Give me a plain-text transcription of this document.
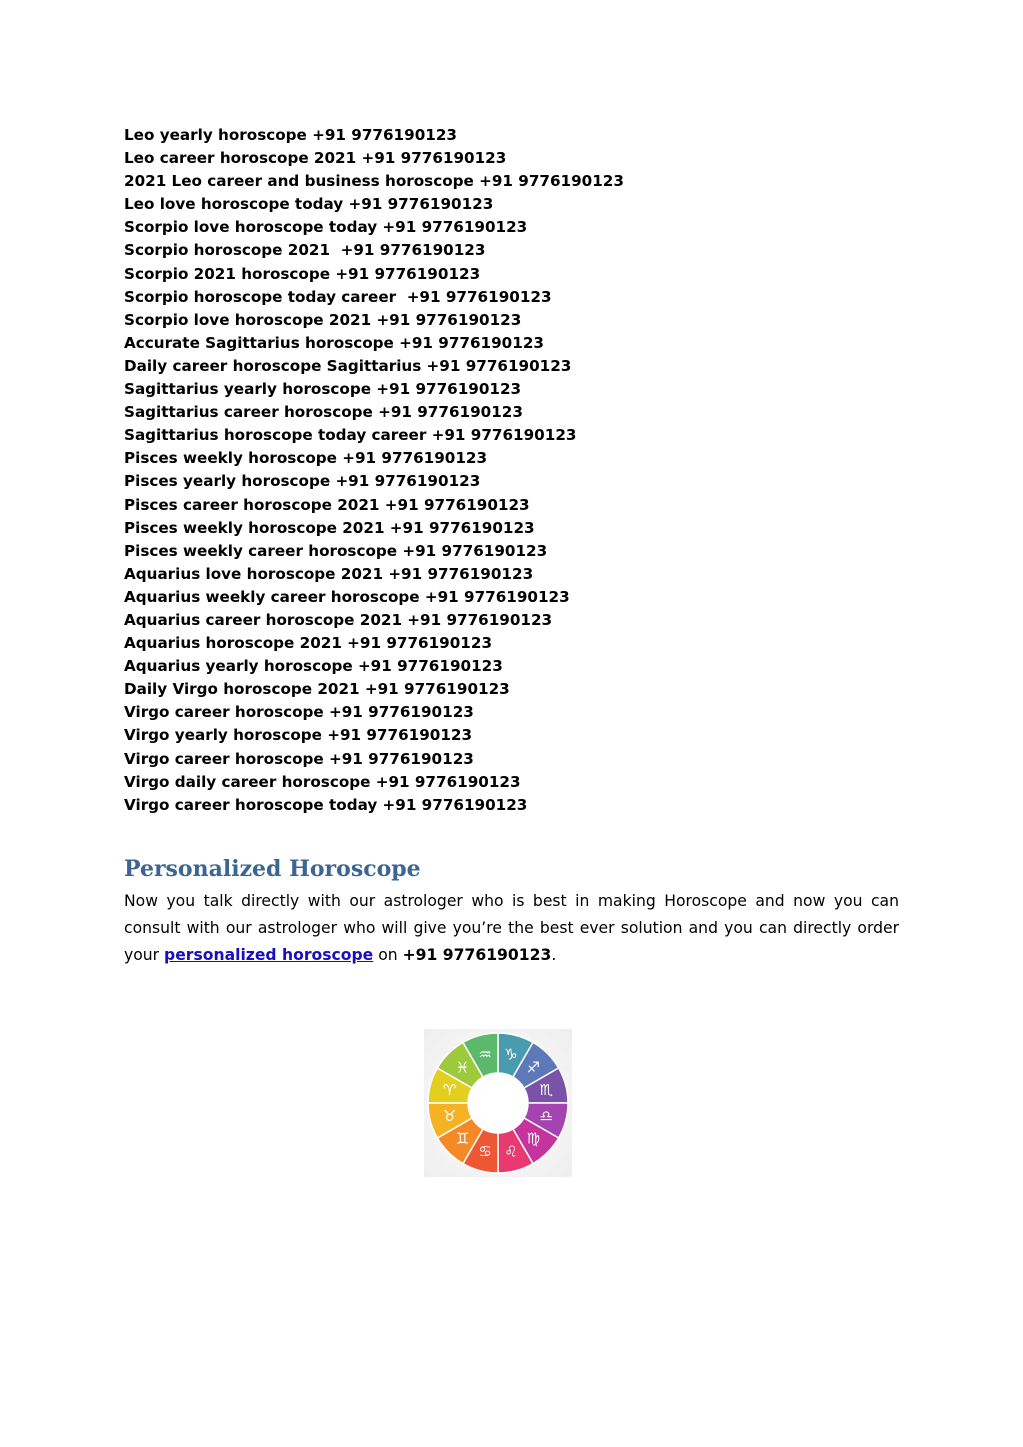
Leo yearly horoscope +91 9776190123
Leo career horoscope 2021 +91 9776190123
2021 Leo career and business horoscope +91 9776190123
Leo love horoscope today +91 9776190123
Scorpio love horoscope today +91 9776190123
Scorpio horoscope 2021  +91 9776190123
Scorpio 2021 horoscope +91 9776190123
Scorpio horoscope today career  +91 9776190123
Scorpio love horoscope 2021 +91 9776190123
Accurate Sagittarius horoscope +91 9776190123
Daily career horoscope Sagittarius +91 9776190123
Sagittarius yearly horoscope +91 9776190123
Sagittarius career horoscope +91 9776190123
Sagittarius horoscope today career +91 9776190123
Pisces weekly horoscope +91 9776190123
Pisces yearly horoscope +91 9776190123
Pisces career horoscope 2021 +91 9776190123
Pisces weekly horoscope 2021 +91 9776190123
Pisces weekly career horoscope +91 9776190123
Aquarius love horoscope 2021 +91 9776190123
Aquarius weekly career horoscope +91 9776190123
Aquarius career horoscope 2021 +91 9776190123
Aquarius horoscope 2021 +91 9776190123
Aquarius yearly horoscope +91 9776190123
Daily Virgo horoscope 2021 +91 9776190123
Virgo career horoscope +91 9776190123
Virgo yearly horoscope +91 9776190123
Virgo career horoscope +91 9776190123
Virgo daily career horoscope +91 9776190123
Virgo career horoscope today +91 9776190123
Personalized Horoscope

Now you talk directly with our astrologer who is best in making Horoscope and now you can consult with our astrologer who will give you’re the best ever solution and you can directly order your personalized horoscope on +91 9776190123.

♑
♐
♏
♎
♍
♌
♋
♊
♉
♈
♓
♒
